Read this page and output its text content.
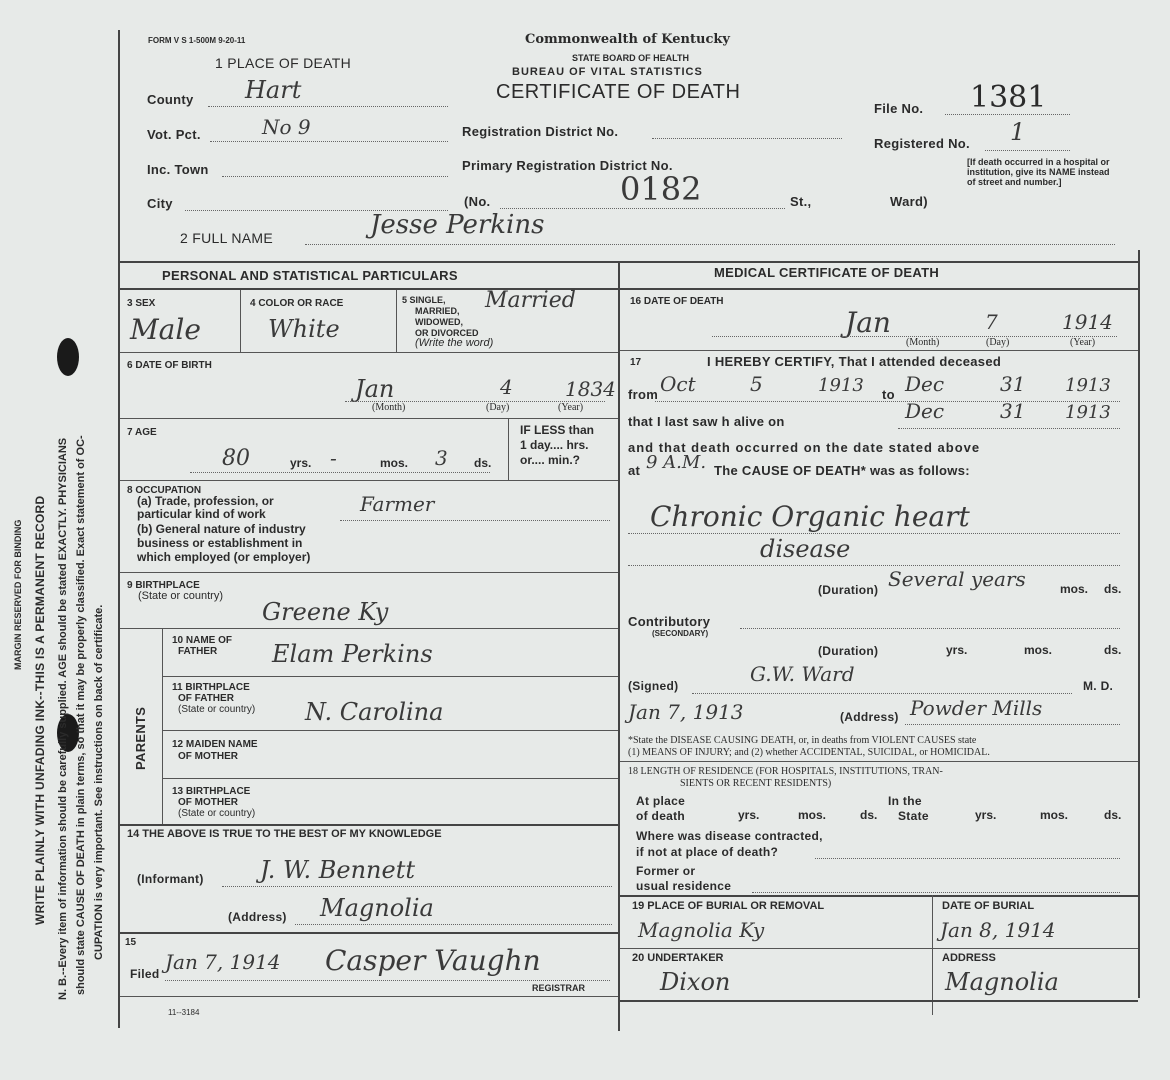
MARGIN RESERVED FOR BINDING WRITE PLAINLY WITH UNFADING INK--THIS IS A PERMANENT RECORD N. B.--Every item of information should be carefully supplied. AGE should be stated EXACTLY. PHYSICIANS should state CAUSE OF DEATH in plain terms, so that it may be properly classified. Exact statement of OC- CUPATION is very important. See instructions on back of certificate.
FORM V S 1-500M 9-20-11	Commonwealth of Kentucky
STATE BOARD OF HEALTH
BUREAU OF VITAL STATISTICS
CERTIFICATE OF DEATH
1 PLACE OF DEATH
County Hart
Vot. Pct.	No 9
Inc. Town
City
Registration District No.
Primary Registration District No.
(No.	0182	St.,	Ward)
File No. 1381
Registered No. 1
[If death occurred in a hospital or institution, give its NAME instead of street and number.]
2 FULL NAME	Jesse Perkins
PERSONAL AND STATISTICAL PARTICULARS	MEDICAL CERTIFICATE OF DEATH
3 SEX
Male
4 COLOR OR RACE
White
5 SINGLE,
MARRIED,
WIDOWED,
OR DIVORCED
(Write the word)
Married
6 DATE OF BIRTH
Jan	4	1834
(Month)	(Day)	(Year)
7 AGE
80	yrs. -	mos. 3 ds.
IF LESS than
1 day.... hrs.
or.... min.?
8 OCCUPATION
(a) Trade, profession, or
particular kind of work
(b) General nature of industry
business or establishment in
which employed (or employer)
Farmer
9 BIRTHPLACE
(State or country)
Greene Ky
PARENTS
10 NAME OF
FATHER Elam Perkins
11 BIRTHPLACE
OF FATHER
(State or country) N. Carolina
12 MAIDEN NAME
OF MOTHER
13 BIRTHPLACE
OF MOTHER
(State or country)
14 THE ABOVE IS TRUE TO THE BEST OF MY KNOWLEDGE
(Informant) J. W. Bennett
(Address) Magnolia
15
Filed Jan 7, 1914 Casper Vaughn
REGISTRAR
11--3184
16 DATE OF DEATH
Jan	7	1914
(Month)	(Day)	(Year)
17	I HEREBY CERTIFY, That I attended deceased
from Oct	5	1913 to Dec	31 1913
that I last saw h alive on	Dec	31 1913
and that death occurred on the date stated above
at 9 A.M. The CAUSE OF DEATH* was as follows:
Chronic Organic heart
disease
(Duration) Several years	mos. ds.
Contributory
(SECONDARY)
(Duration)	yrs.	mos.	ds.
(Signed)	G.W. Ward	M. D.
Jan 7, 1913	(Address) Powder Mills
*State the DISEASE CAUSING DEATH, or, in deaths from VIOLENT CAUSES state
(1) MEANS OF INJURY; and (2) whether ACCIDENTAL, SUICIDAL, or HOMICIDAL.
18 LENGTH OF RESIDENCE (FOR HOSPITALS, INSTITUTIONS, TRAN-
SIENTS OR RECENT RESIDENTS)
At place
of death	yrs.	mos.	ds.
In the
State	yrs.	mos.	ds.
Where was disease contracted,
if not at place of death?
Former or
usual residence
19 PLACE OF BURIAL OR REMOVAL
Magnolia Ky
DATE OF BURIAL
Jan 8, 1914
20 UNDERTAKER
Dixon
ADDRESS
Magnolia
